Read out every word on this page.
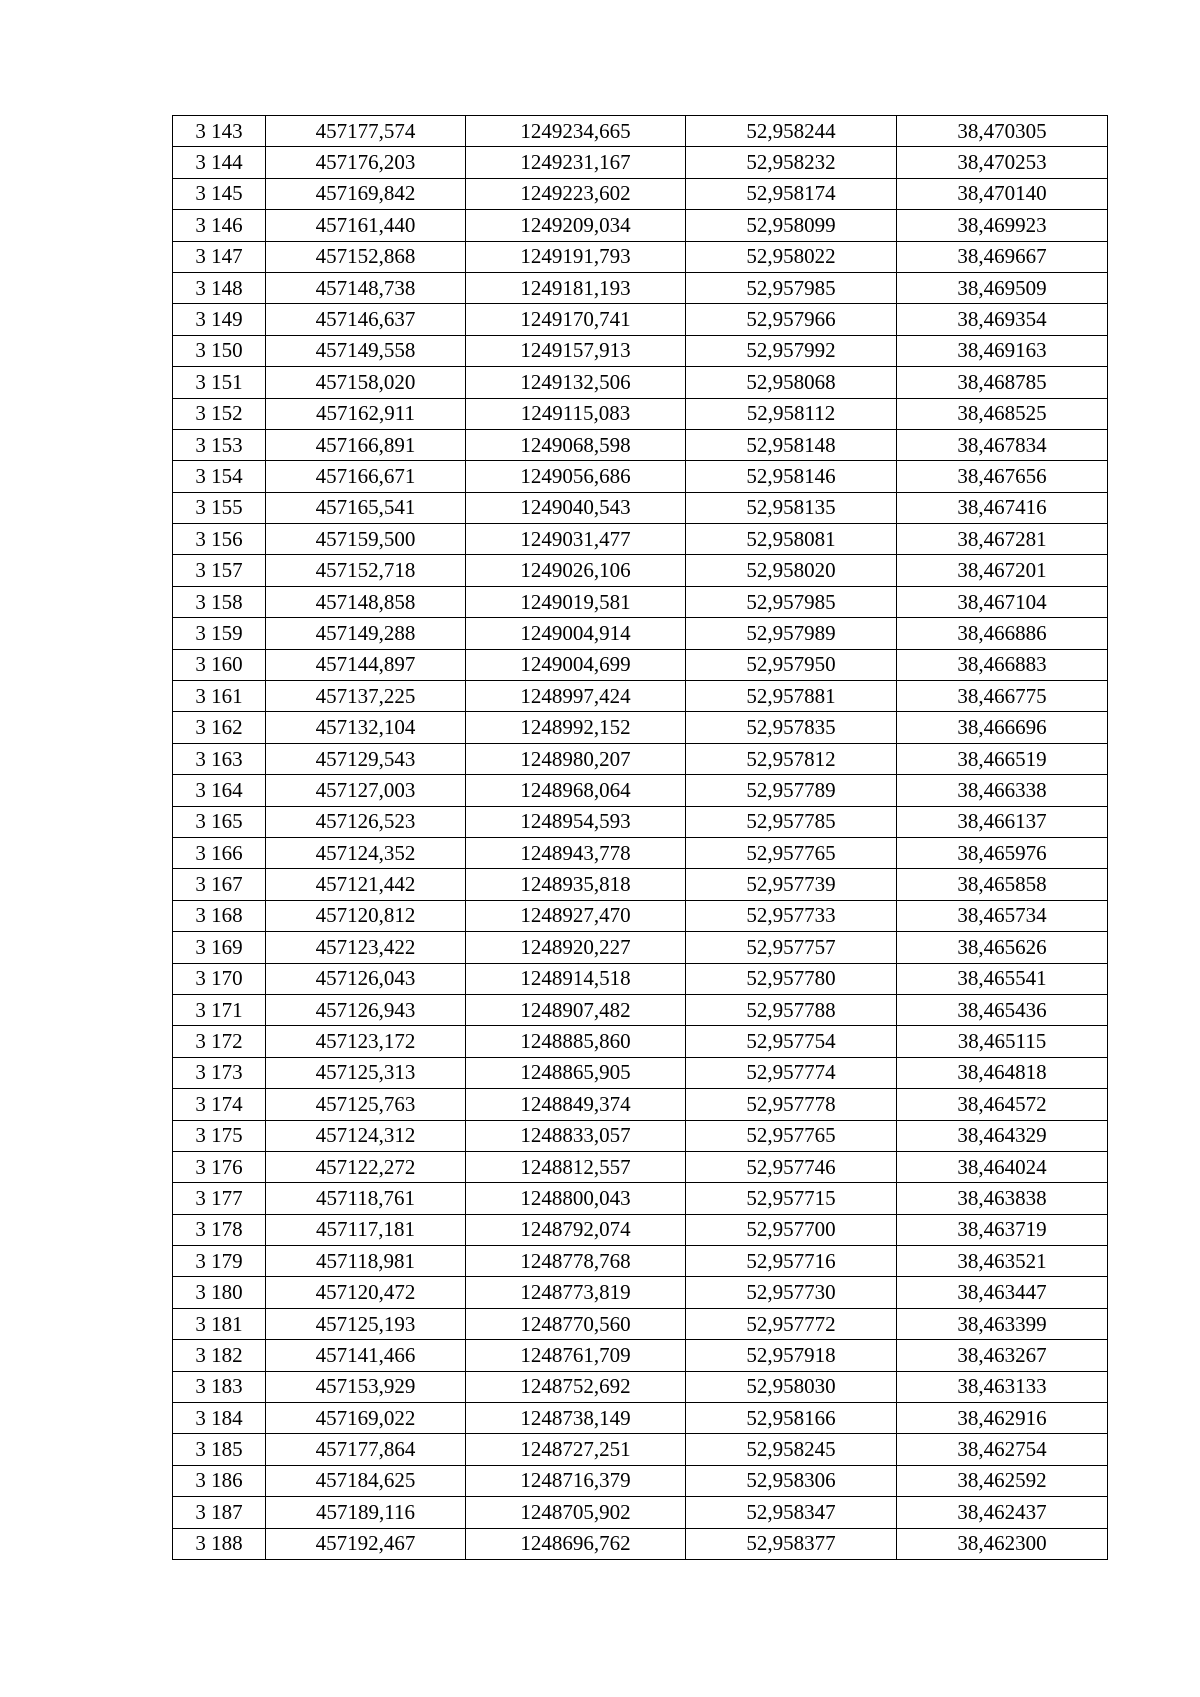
3 143	457177,574	1249234,665	52,958244	38,470305
3 144	457176,203	1249231,167	52,958232	38,470253
3 145	457169,842	1249223,602	52,958174	38,470140
3 146	457161,440	1249209,034	52,958099	38,469923
3 147	457152,868	1249191,793	52,958022	38,469667
3 148	457148,738	1249181,193	52,957985	38,469509
3 149	457146,637	1249170,741	52,957966	38,469354
3 150	457149,558	1249157,913	52,957992	38,469163
3 151	457158,020	1249132,506	52,958068	38,468785
3 152	457162,911	1249115,083	52,958112	38,468525
3 153	457166,891	1249068,598	52,958148	38,467834
3 154	457166,671	1249056,686	52,958146	38,467656
3 155	457165,541	1249040,543	52,958135	38,467416
3 156	457159,500	1249031,477	52,958081	38,467281
3 157	457152,718	1249026,106	52,958020	38,467201
3 158	457148,858	1249019,581	52,957985	38,467104
3 159	457149,288	1249004,914	52,957989	38,466886
3 160	457144,897	1249004,699	52,957950	38,466883
3 161	457137,225	1248997,424	52,957881	38,466775
3 162	457132,104	1248992,152	52,957835	38,466696
3 163	457129,543	1248980,207	52,957812	38,466519
3 164	457127,003	1248968,064	52,957789	38,466338
3 165	457126,523	1248954,593	52,957785	38,466137
3 166	457124,352	1248943,778	52,957765	38,465976
3 167	457121,442	1248935,818	52,957739	38,465858
3 168	457120,812	1248927,470	52,957733	38,465734
3 169	457123,422	1248920,227	52,957757	38,465626
3 170	457126,043	1248914,518	52,957780	38,465541
3 171	457126,943	1248907,482	52,957788	38,465436
3 172	457123,172	1248885,860	52,957754	38,465115
3 173	457125,313	1248865,905	52,957774	38,464818
3 174	457125,763	1248849,374	52,957778	38,464572
3 175	457124,312	1248833,057	52,957765	38,464329
3 176	457122,272	1248812,557	52,957746	38,464024
3 177	457118,761	1248800,043	52,957715	38,463838
3 178	457117,181	1248792,074	52,957700	38,463719
3 179	457118,981	1248778,768	52,957716	38,463521
3 180	457120,472	1248773,819	52,957730	38,463447
3 181	457125,193	1248770,560	52,957772	38,463399
3 182	457141,466	1248761,709	52,957918	38,463267
3 183	457153,929	1248752,692	52,958030	38,463133
3 184	457169,022	1248738,149	52,958166	38,462916
3 185	457177,864	1248727,251	52,958245	38,462754
3 186	457184,625	1248716,379	52,958306	38,462592
3 187	457189,116	1248705,902	52,958347	38,462437
3 188	457192,467	1248696,762	52,958377	38,462300
